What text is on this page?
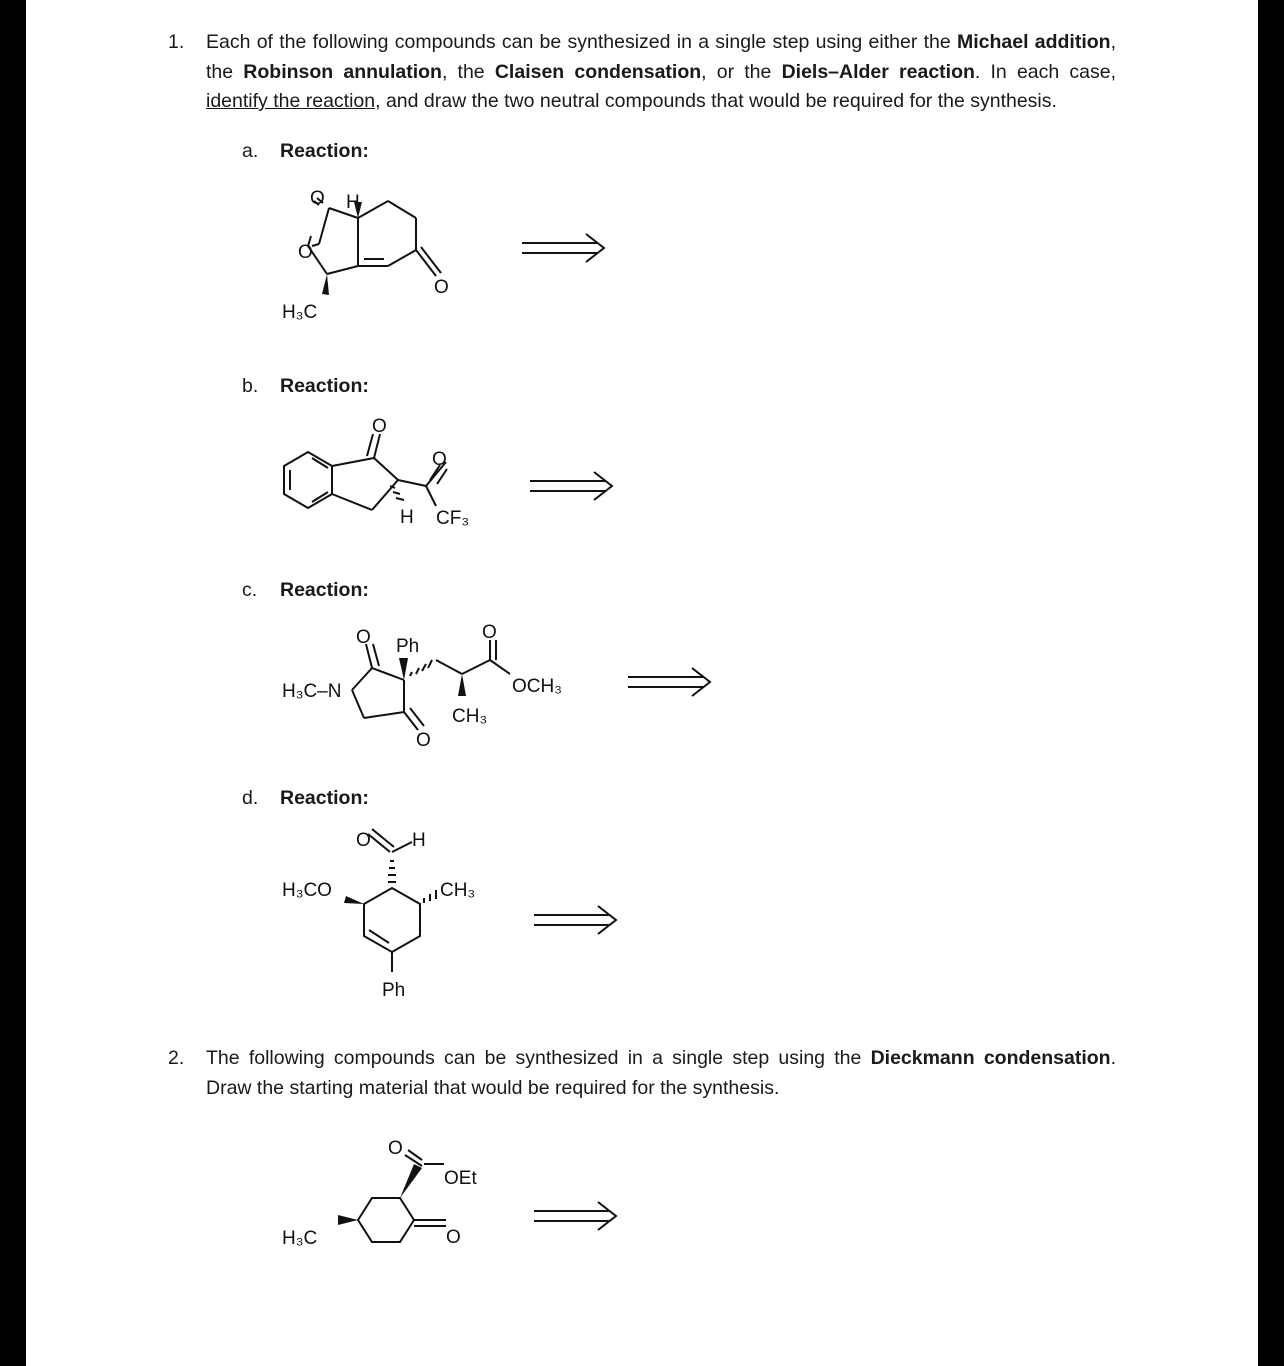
1. Each of the following compounds can be synthesized in a single step using either the Michael addition, the Robinson annulation, the Claisen condensation, or the Diels–Alder reaction. In each case, identify the reaction, and draw the two neutral compounds that would be required for the synthesis.
a. Reaction:
b. Reaction:
c. Reaction:
d. Reaction:
O H
O
O
H₃C
O
O
H CF₃
O Ph
H₃C–N
O
OCH₃
CH₃
O
O H
H₃CO	CH₃
Ph
2. The following compounds can be synthesized in a single step using the Dieckmann condensation. Draw the starting material that would be required for the synthesis.
O
OEt
H₃C	O
